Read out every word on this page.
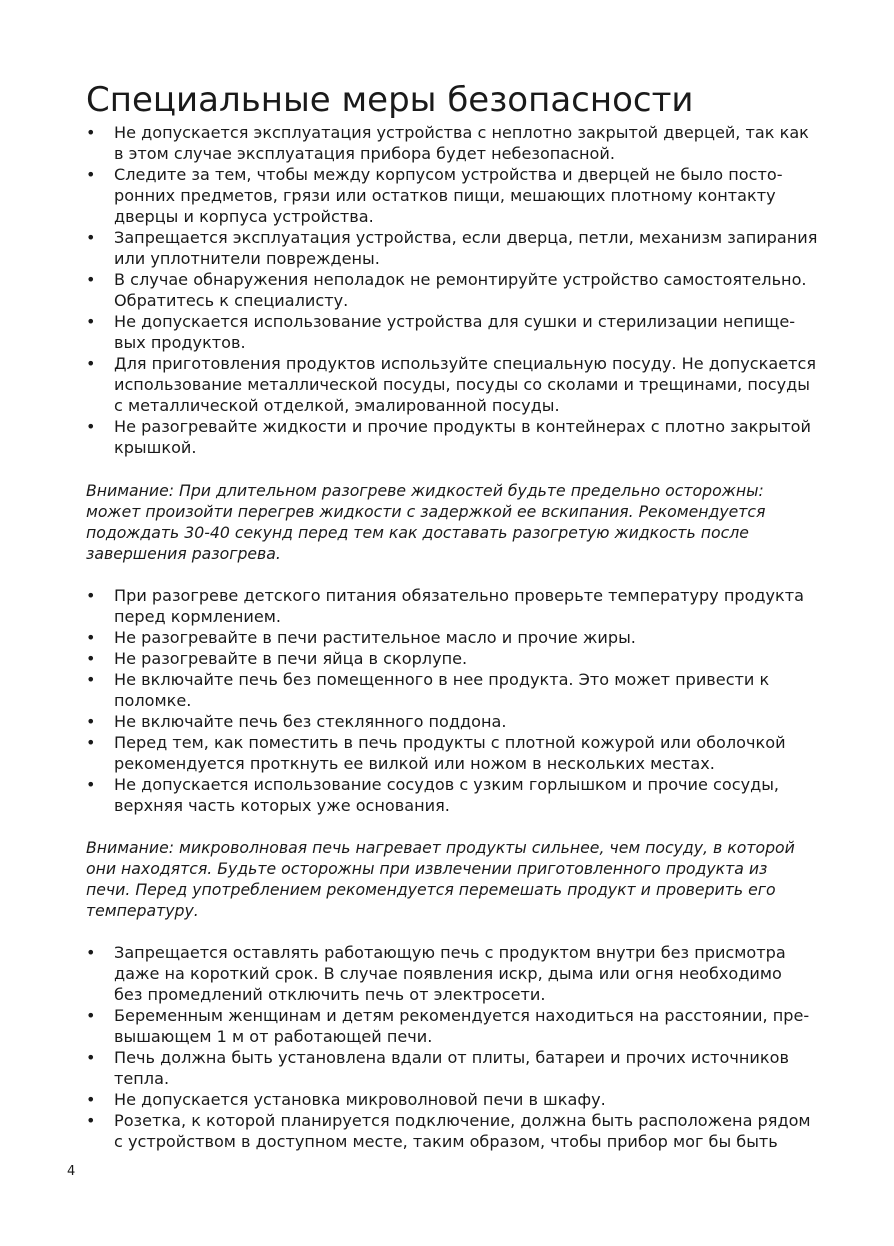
Специальные меры безопасности
• Не допускается эксплуатация устройства с неплотно закрытой дверцей, так как
в этом случае эксплуатация прибора будет небезопасной.
• Следите за тем, чтобы между корпусом устройства и дверцей не было посто-
ронних предметов, грязи или остатков пищи, мешающих плотному контакту
дверцы и корпуса устройства.
• Запрещается эксплуатация устройства, если дверца, петли, механизм запирания
или уплотнители повреждены.
• В случае обнаружения неполадок не ремонтируйте устройство самостоятельно.
Обратитесь к специалисту.
• Не допускается использование устройства для сушки и стерилизации непище-
вых продуктов.
• Для приготовления продуктов используйте специальную посуду. Не допускается
использование металлической посуды, посуды со сколами и трещинами, посуды
с металлической отделкой, эмалированной посуды.
• Не разогревайте жидкости и прочие продукты в контейнерах с плотно закрытой
крышкой.

Внимание: При длительном разогреве жидкостей будьте предельно осторожны:
может произойти перегрев жидкости с задержкой ее вскипания. Рекомендуется
подождать 30-40 секунд перед тем как доставать разогретую жидкость после
завершения разогрева.

• При разогреве детского питания обязательно проверьте температуру продукта
перед кормлением.
• Не разогревайте в печи растительное масло и прочие жиры.
• Не разогревайте в печи яйца в скорлупе.
• Не включайте печь без помещенного в нее продукта. Это может привести к
поломке.
• Не включайте печь без стеклянного поддона.
• Перед тем, как поместить в печь продукты с плотной кожурой или оболочкой
рекомендуется проткнуть ее вилкой или ножом в нескольких местах.
• Не допускается использование сосудов с узким горлышком и прочие сосуды,
верхняя часть которых уже основания.

Внимание: микроволновая печь нагревает продукты сильнее, чем посуду, в которой
они находятся. Будьте осторожны при извлечении приготовленного продукта из
печи. Перед употреблением рекомендуется перемешать продукт и проверить его
температуру.

• Запрещается оставлять работающую печь с продуктом внутри без присмотра
даже на короткий срок. В случае появления искр, дыма или огня необходимо
без промедлений отключить печь от электросети.
• Беременным женщинам и детям рекомендуется находиться на расстоянии, пре-
вышающем 1 м от работающей печи.
• Печь должна быть установлена вдали от плиты, батареи и прочих источников
тепла.
• Не допускается установка микроволновой печи в шкафу.
• Розетка, к которой планируется подключение, должна быть расположена рядом
с устройством в доступном месте, таким образом, чтобы прибор мог бы быть
4
